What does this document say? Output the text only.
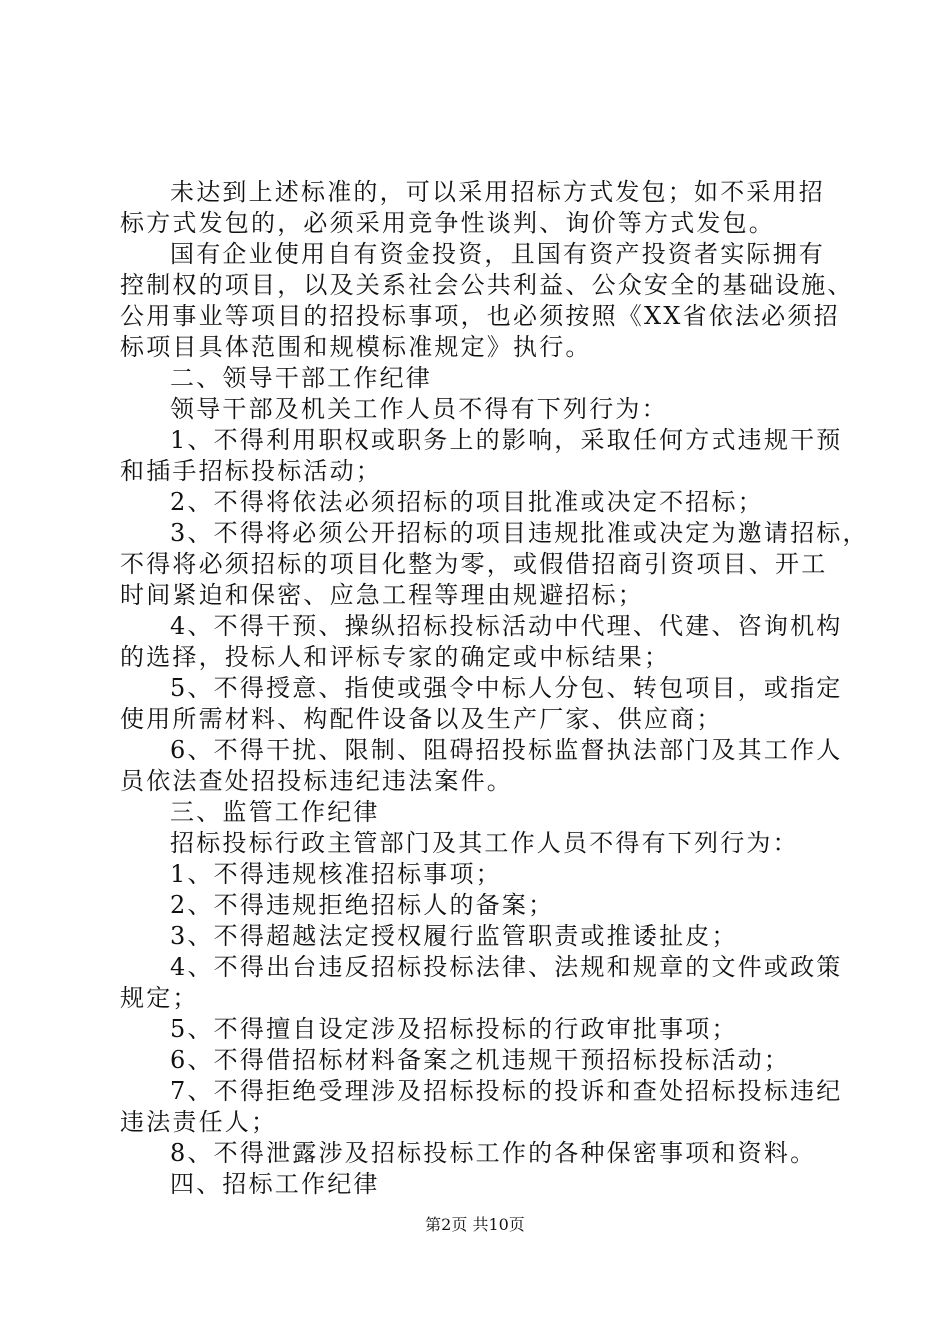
未达到上述标准的，可以采用招标方式发包；如不采用招
标方式发包的，必须采用竞争性谈判、询价等方式发包。
国有企业使用自有资金投资，且国有资产投资者实际拥有
控制权的项目，以及关系社会公共利益、公众安全的基础设施、
公用事业等项目的招投标事项，也必须按照《XX省依法必须招
标项目具体范围和规模标准规定》执行。
二、领导干部工作纪律
领导干部及机关工作人员不得有下列行为：
1、不得利用职权或职务上的影响，采取任何方式违规干预
和插手招标投标活动；
2、不得将依法必须招标的项目批准或决定不招标；
3、不得将必须公开招标的项目违规批准或决定为邀请招标，
不得将必须招标的项目化整为零，或假借招商引资项目、开工
时间紧迫和保密、应急工程等理由规避招标；
4、不得干预、操纵招标投标活动中代理、代建、咨询机构
的选择，投标人和评标专家的确定或中标结果；
5、不得授意、指使或强令中标人分包、转包项目，或指定
使用所需材料、构配件设备以及生产厂家、供应商；
6、不得干扰、限制、阻碍招投标监督执法部门及其工作人
员依法查处招投标违纪违法案件。
三、监管工作纪律
招标投标行政主管部门及其工作人员不得有下列行为：
1、不得违规核准招标事项；
2、不得违规拒绝招标人的备案；
3、不得超越法定授权履行监管职责或推诿扯皮；
4、不得出台违反招标投标法律、法规和规章的文件或政策
规定；
5、不得擅自设定涉及招标投标的行政审批事项；
6、不得借招标材料备案之机违规干预招标投标活动；
7、不得拒绝受理涉及招标投标的投诉和查处招标投标违纪
违法责任人；
8、不得泄露涉及招标投标工作的各种保密事项和资料。
四、招标工作纪律
第2页 共10页
